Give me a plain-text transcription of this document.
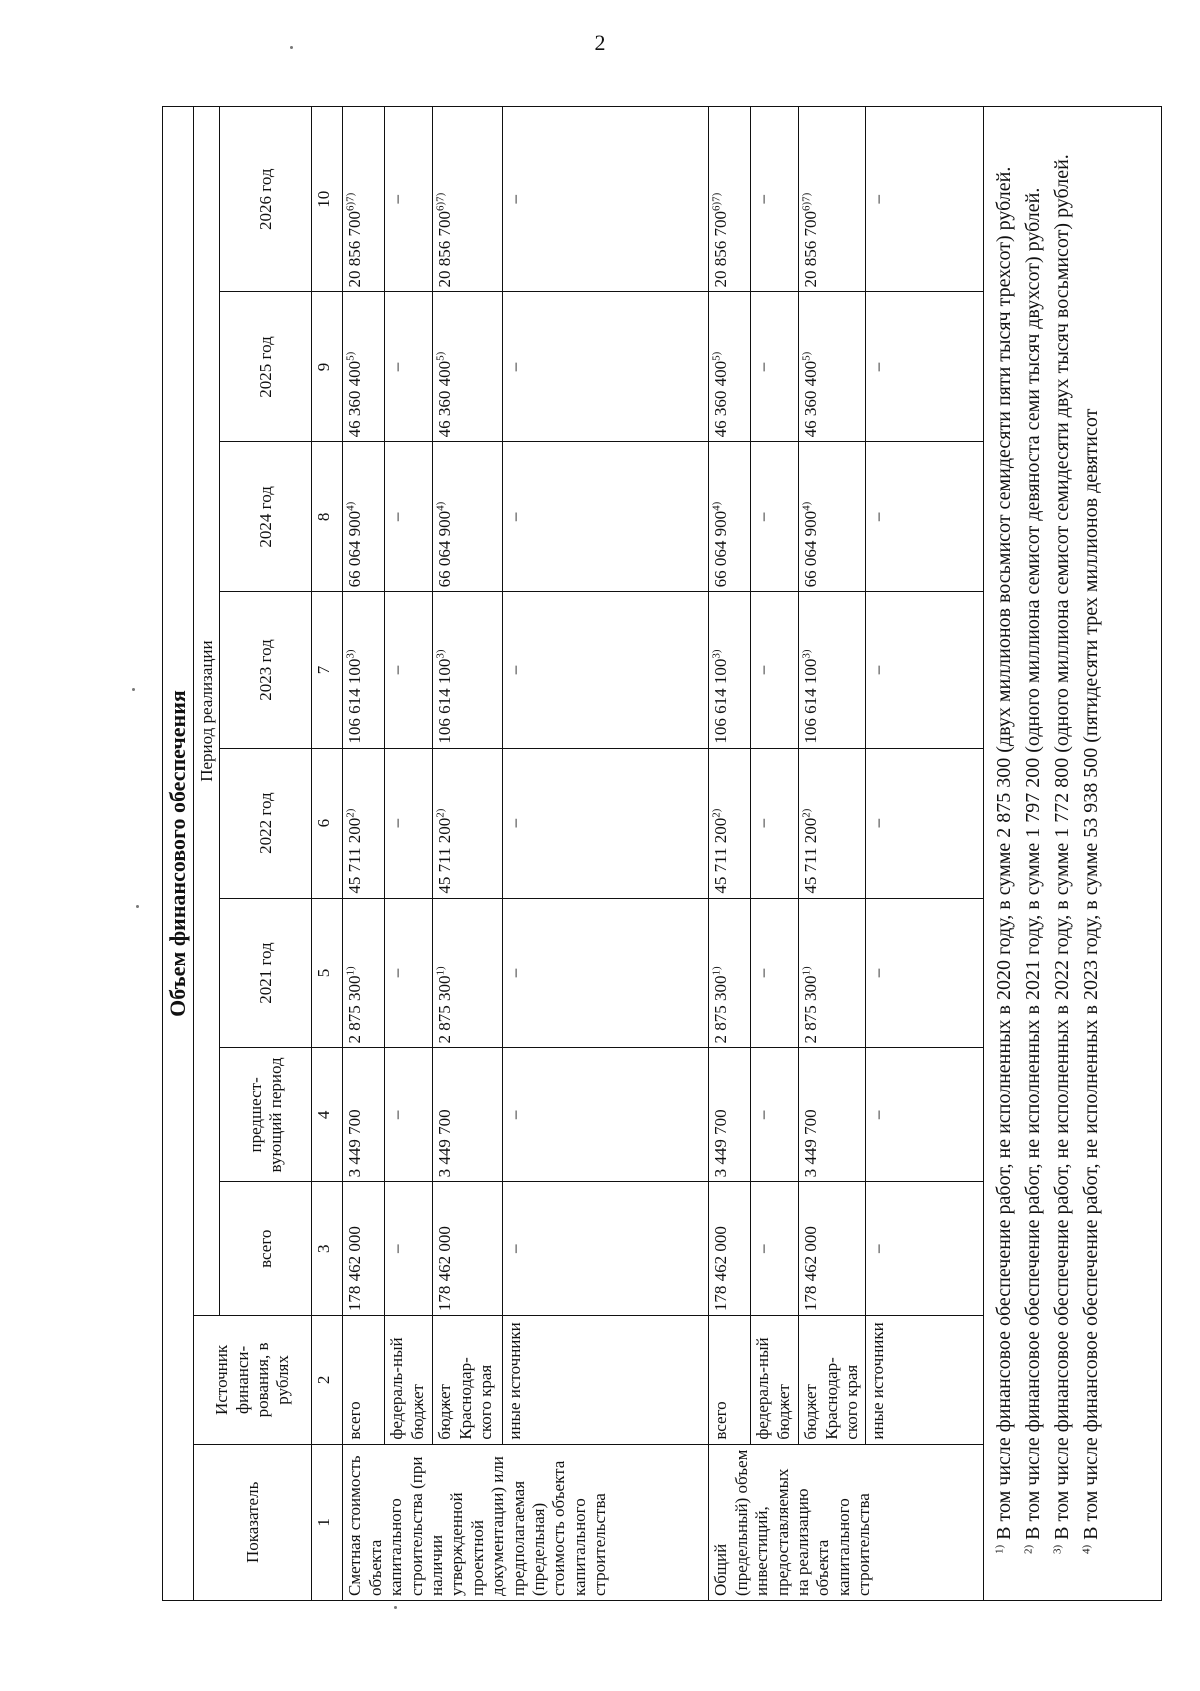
2
Объем финансового обеспечения									
Показатель	Источник финанси-рования, в рублях	Период реализации							
		всего	предшест-вующий период	2021 год	2022 год	2023 год	2024 год	2025 год	2026 год
1	2	3	4	5	6	7	8	9	10
Сметная стоимость объекта капитального строительства (при наличии утвержденной проектной документации) или предполагаемая (предельная) стоимость объекта капитального строительства	всего	178 462 000	3 449 700	2 875 300$^{1)}$	45 711 200$^{2)}$	106 614 100$^{3)}$	66 064 900$^{4)}$	46 360 400$^{5)}$	20 856 $700^{6)7)}$
	федераль-ный бюджет	–	–	–	–	–	–	–	–
	бюджет Краснодар-ского края	178 462 000	3 449 700	2 875 300$^{1)}$	45 711 200$^{2)}$	106 614 100$^{3)}$	66 064 900$^{4)}$	46 360 400$^{5)}$	20 856 $700^{6)7)}$
	иные источники	–	–	–	–	–	–	–	–
Общий (предельный) объем инвестиций, предоставляемых на реализацию объекта капитального строительства	всего	178 462 000	3 449 700	2 875 300$^{1)}$	45 711 200$^{2)}$	106 614 100$^{3)}$	66 064 900$^{4)}$	46 360 400$^{5)}$	20 856 $700^{6)7)}$
	федераль-ный бюджет	–	–	–	–	–	–	–	–
	бюджет Краснодар-ского края	178 462 000	3 449 700	2 875 300$^{1)}$	45 711 200$^{2)}$	106 614 100$^{3)}$	66 064 900$^{4)}$	46 360 400$^{5)}$	20 856 $700^{6)7)}$
	иные источники	–	–	–	–	–	–	–	–

$^{1)}$ В том числе финансовое обеспечение работ, не исполненных в 2020 году, в сумме 2 875 300 (двух миллионов восьмисот семидесяти пяти тысяч трехсот) рублей.

$^{2)}$ В том числе финансовое обеспечение работ, не исполненных в 2021 году, в сумме 1 797 200 (одного миллиона семисот девяноста семи тысяч двухсот) рублей.

$^{3)}$ В том числе финансовое обеспечение работ, не исполненных в 2022 году, в сумме 1 772 800 (одного миллиона семисот семидесяти двух тысяч восьмисот) рублей.

$^{4)}$ В том числе финансовое обеспечение работ, не исполненных в 2023 году, в сумме 53 938 500 (пятидесяти трех миллионов девятисот
